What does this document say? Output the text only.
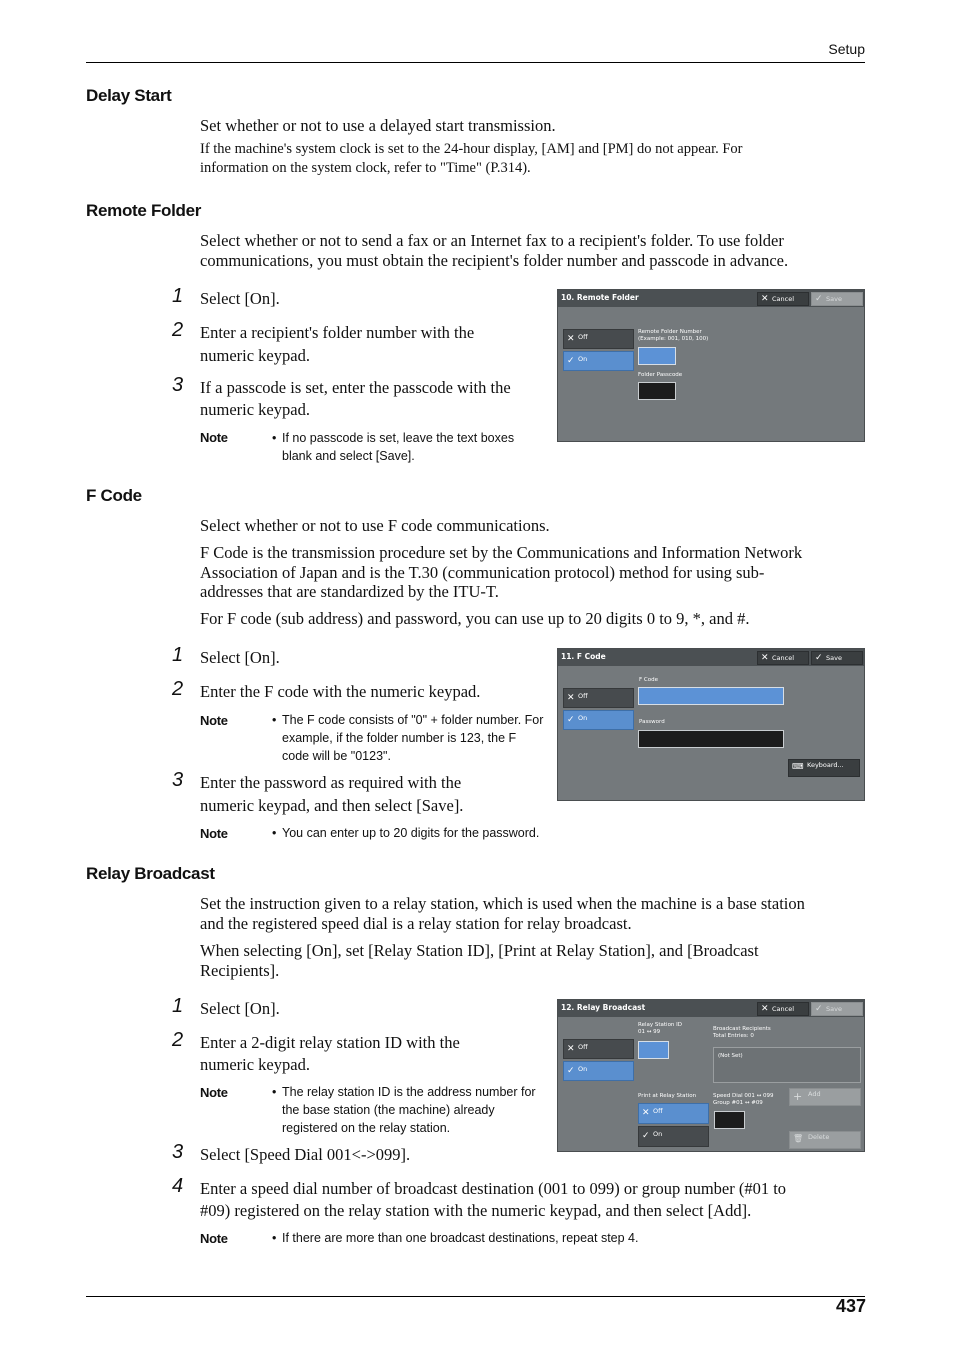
Setup
Delay Start
Set whether or not to use a delayed start transmission.
If the machine's system clock is set to the 24-hour display, [AM] and [PM] do not appear. For
information on the system clock, refer to "Time" (P.314).
Remote Folder
Select whether or not to send a fax or an Internet fax to a recipient's folder. To use folder
communications, you must obtain the recipient's folder number and passcode in advance.
1 Select [On].
2 Enter a recipient's folder number with the
numeric keypad.
3 If a passcode is set, enter the passcode with the
numeric keypad.
Note	• If no passcode is set, leave the text boxes
blank and select [Save].
10. Remote Folder	✕ Cancel ✓ Save
✕ Off
✓ On
Remote Folder Number
(Example: 001, 010, 100)
Folder Passcode
F Code
Select whether or not to use F code communications.
F Code is the transmission procedure set by the Communications and Information Network
Association of Japan and is the T.30 (communication protocol) method for using sub-
addresses that are standardized by the ITU-T.
For F code (sub address) and password, you can use up to 20 digits 0 to 9, *, and #.
1 Select [On].
2 Enter the F code with the numeric keypad.
Note	• The F code consists of "0" + folder number. For
example, if the folder number is 123, the F
code will be "0123".
3 Enter the password as required with the
numeric keypad, and then select [Save].
Note	• You can enter up to 20 digits for the password.
11. F Code	✕ Cancel ✓ Save
✕ Off
✓ On
F Code
Password
⌨ Keyboard...
Relay Broadcast
Set the instruction given to a relay station, which is used when the machine is a base station
and the registered speed dial is a relay station for relay broadcast.
When selecting [On], set [Relay Station ID], [Print at Relay Station], and [Broadcast
Recipients].
1 Select [On].
2 Enter a 2-digit relay station ID with the
numeric keypad.
Note	• The relay station ID is the address number for
the base station (the machine) already
registered on the relay station.
3 Select [Speed Dial 001<->099].
4 Enter a speed dial number of broadcast destination (001 to 099) or group number (#01 to
#09) registered on the relay station with the numeric keypad, and then select [Add].
Note	• If there are more than one broadcast destinations, repeat step 4.
12. Relay Broadcast	✕ Cancel ✓ Save
✕ Off
✓ On
Relay Station ID
01 ↔ 99
Print at Relay Station
✕ Off
✓ On
Broadcast Recipients
Total Entries: 0
(Not Set)
Speed Dial 001 ↔ 099
Group #01 ↔ #09	+ Add
🗑 Delete
437
